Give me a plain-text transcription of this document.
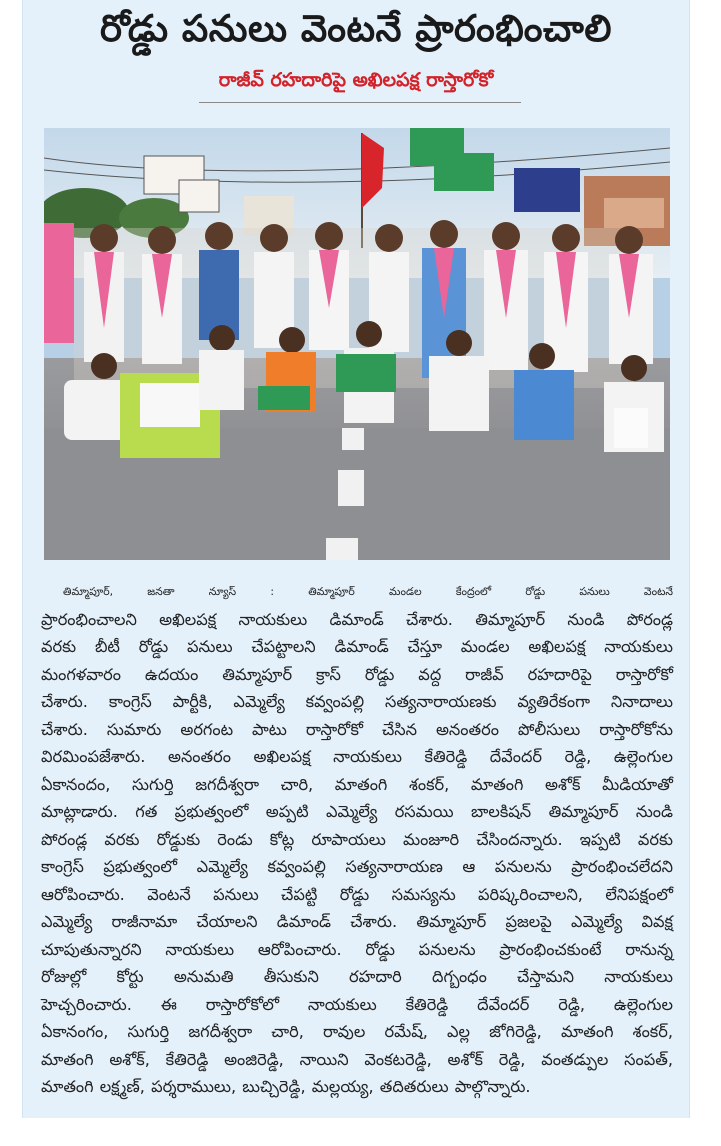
రోడ్డు పనులు వెంటనే ప్రారంభించాలి
రాజీవ్ రహదారిపై అఖిలపక్ష రాస్తారోకో
తిమ్మాపూర్, జనతా న్యూస్ : తిమ్మాపూర్ మండల కేంద్రంలో రోడ్డు పనులు వెంటనే
ప్రారంభించాలని అఖిలపక్ష నాయకులు డిమాండ్ చేశారు. తిమ్మాపూర్ నుండి పోరండ్ల
వరకు బీటీ రోడ్డు పనులు చేపట్టాలని డిమాండ్ చేస్తూ మండల అఖిలపక్ష నాయకులు
మంగళవారం ఉదయం తిమ్మాపూర్ క్రాస్ రోడ్డు వద్ద రాజీవ్ రహదారిపై రాస్తారోకో
చేశారు. కాంగ్రెస్ పార్టీకి, ఎమ్మెల్యే కవ్వంపల్లి సత్యనారాయణకు వ్యతిరేకంగా నినాదాలు
చేశారు. సుమారు అరగంట పాటు రాస్తారోకో చేసిన అనంతరం పోలీసులు రాస్తారోకోను
విరమింపజేశారు. అనంతరం అఖిలపక్ష నాయకులు కేతిరెడ్డి దేవేందర్ రెడ్డి, ఉల్లెంగుల
ఏకానందం, సుగుర్తి జగదీశ్వరా చారి, మాతంగి శంకర్, మాతంగి అశోక్ మీడియాతో
మాట్లాడారు. గత ప్రభుత్వంలో అప్పటి ఎమ్మెల్యే రసమయి బాలకిషన్ తిమ్మాపూర్ నుండి
పోరండ్ల వరకు రోడ్డుకు రెండు కోట్ల రూపాయలు మంజూరి చేసిందన్నారు. ఇప్పటి వరకు
కాంగ్రెస్ ప్రభుత్వంలో ఎమ్మెల్యే కవ్వంపల్లి సత్యనారాయణ ఆ పనులను ప్రారంభించలేదని
ఆరోపించారు. వెంటనే పనులు చేపట్టి రోడ్డు సమస్యను పరిష్కరించాలని, లేనిపక్షంలో
ఎమ్మెల్యే రాజీనామా చేయాలని డిమాండ్ చేశారు. తిమ్మాపూర్ ప్రజలపై ఎమ్మెల్యే వివక్ష
చూపుతున్నారని నాయకులు ఆరోపించారు. రోడ్డు పనులను ప్రారంభించకుంటే రానున్న
రోజుల్లో కోర్టు అనుమతి తీసుకుని రహదారి దిగ్బంధం చేస్తామని నాయకులు
హెచ్చరించారు. ఈ రాస్తారోకోలో నాయకులు కేతిరెడ్డి దేవేందర్ రెడ్డి, ఉల్లెంగుల
ఏకానంగం, సుగుర్తి జగదీశ్వరా చారి, రావుల రమేష్, ఎల్ల జోగిరెడ్డి, మాతంగి శంకర్,
మాతంగి అశోక్, కేతిరెడ్డి అంజిరెడ్డి, నాయిని వెంకటరెడ్డి, అశోక్ రెడ్డి, వంతడ్పుల సంపత్,
మాతంగి లక్ష్మణ్, పర్శరాములు, బుచ్చిరెడ్డి, మల్లయ్య, తదితరులు పాల్గొన్నారు.
